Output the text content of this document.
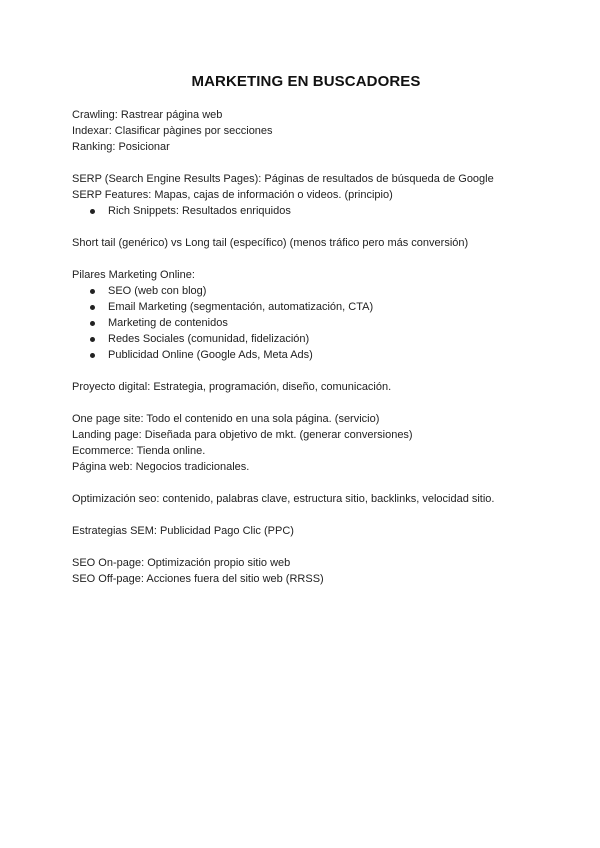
MARKETING EN BUSCADORES
Crawling: Rastrear página web
Indexar: Clasificar pàgines por secciones
Ranking: Posicionar
SERP (Search Engine Results Pages): Páginas de resultados de búsqueda de Google
SERP Features: Mapas, cajas de información o videos. (principio)
Rich Snippets: Resultados enriquidos
Short tail (genérico) vs Long tail (específico) (menos tráfico pero más conversión)
Pilares Marketing Online:
SEO (web con blog)
Email Marketing (segmentación, automatización, CTA)
Marketing de contenidos
Redes Sociales (comunidad, fidelización)
Publicidad Online (Google Ads, Meta Ads)
Proyecto digital: Estrategia, programación, diseño, comunicación.
One page site: Todo el contenido en una sola página. (servicio)
Landing page: Diseñada para objetivo de mkt. (generar conversiones)
Ecommerce: Tienda online.
Página web: Negocios tradicionales.
Optimización seo: contenido, palabras clave, estructura sitio, backlinks, velocidad sitio.
Estrategias SEM: Publicidad Pago Clic (PPC)
SEO On-page: Optimización propio sitio web
SEO Off-page: Acciones fuera del sitio web (RRSS)
